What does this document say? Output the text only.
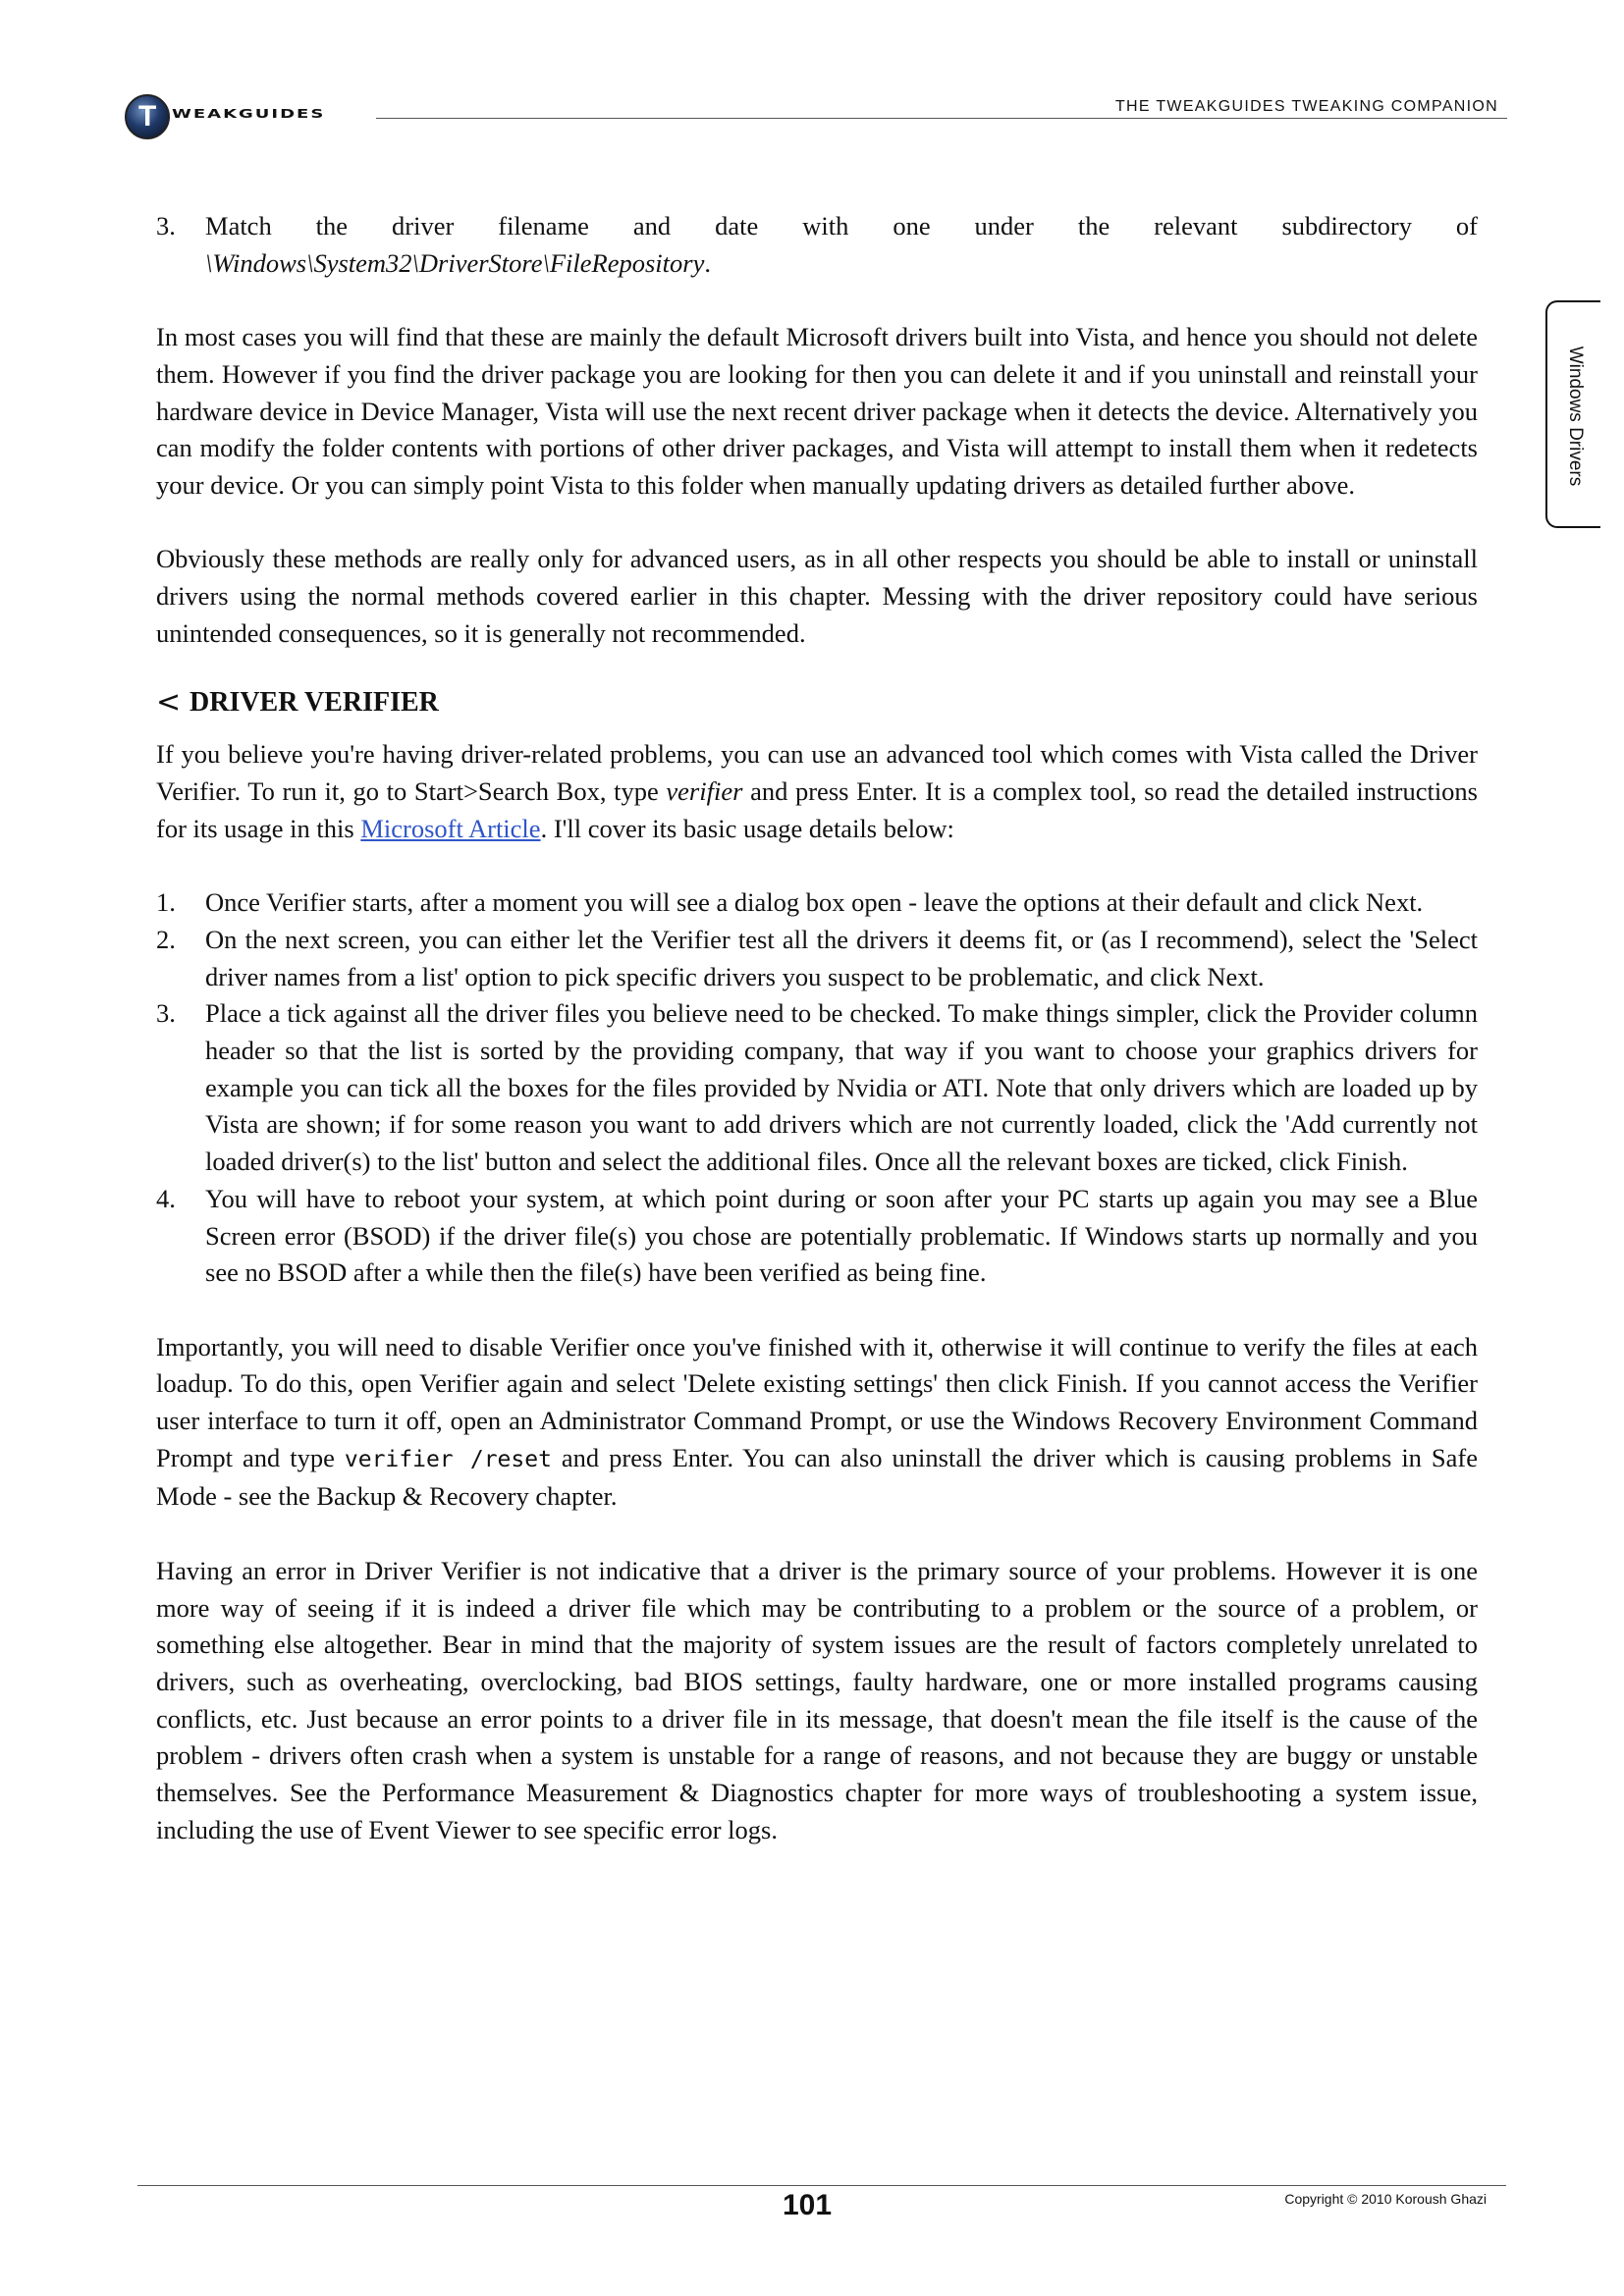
T WEAKGUIDES	THE TWEAKGUIDES TWEAKING COMPANION
Windows Drivers
3. Match the driver filename and date with one under the relevant subdirectory of \Windows\System32\DriverStore\FileRepository.

In most cases you will find that these are mainly the default Microsoft drivers built into Vista, and hence you should not delete them. However if you find the driver package you are looking for then you can delete it and if you uninstall and reinstall your hardware device in Device Manager, Vista will use the next recent driver package when it detects the device. Alternatively you can modify the folder contents with portions of other driver packages, and Vista will attempt to install them when it redetects your device. Or you can simply point Vista to this folder when manually updating drivers as detailed further above.

Obviously these methods are really only for advanced users, as in all other respects you should be able to install or uninstall drivers using the normal methods covered earlier in this chapter. Messing with the driver repository could have serious unintended consequences, so it is generally not recommended.

< DRIVER VERIFIER

If you believe you're having driver-related problems, you can use an advanced tool which comes with Vista called the Driver Verifier. To run it, go to Start>Search Box, type verifier and press Enter. It is a complex tool, so read the detailed instructions for its usage in this Microsoft Article. I'll cover its basic usage details below:

1. Once Verifier starts, after a moment you will see a dialog box open - leave the options at their default and click Next.
2. On the next screen, you can either let the Verifier test all the drivers it deems fit, or (as I recommend), select the 'Select driver names from a list' option to pick specific drivers you suspect to be problematic, and click Next.
3. Place a tick against all the driver files you believe need to be checked. To make things simpler, click the Provider column header so that the list is sorted by the providing company, that way if you want to choose your graphics drivers for example you can tick all the boxes for the files provided by Nvidia or ATI. Note that only drivers which are loaded up by Vista are shown; if for some reason you want to add drivers which are not currently loaded, click the 'Add currently not loaded driver(s) to the list' button and select the additional files. Once all the relevant boxes are ticked, click Finish.
4. You will have to reboot your system, at which point during or soon after your PC starts up again you may see a Blue Screen error (BSOD) if the driver file(s) you chose are potentially problematic. If Windows starts up normally and you see no BSOD after a while then the file(s) have been verified as being fine.

Importantly, you will need to disable Verifier once you've finished with it, otherwise it will continue to verify the files at each loadup. To do this, open Verifier again and select 'Delete existing settings' then click Finish. If you cannot access the Verifier user interface to turn it off, open an Administrator Command Prompt, or use the Windows Recovery Environment Command Prompt and type verifier /reset and press Enter. You can also uninstall the driver which is causing problems in Safe Mode - see the Backup & Recovery chapter.

Having an error in Driver Verifier is not indicative that a driver is the primary source of your problems. However it is one more way of seeing if it is indeed a driver file which may be contributing to a problem or the source of a problem, or something else altogether. Bear in mind that the majority of system issues are the result of factors completely unrelated to drivers, such as overheating, overclocking, bad BIOS settings, faulty hardware, one or more installed programs causing conflicts, etc. Just because an error points to a driver file in its message, that doesn't mean the file itself is the cause of the problem - drivers often crash when a system is unstable for a range of reasons, and not because they are buggy or unstable themselves. See the Performance Measurement & Diagnostics chapter for more ways of troubleshooting a system issue, including the use of Event Viewer to see specific error logs.

101	Copyright © 2010 Koroush Ghazi
